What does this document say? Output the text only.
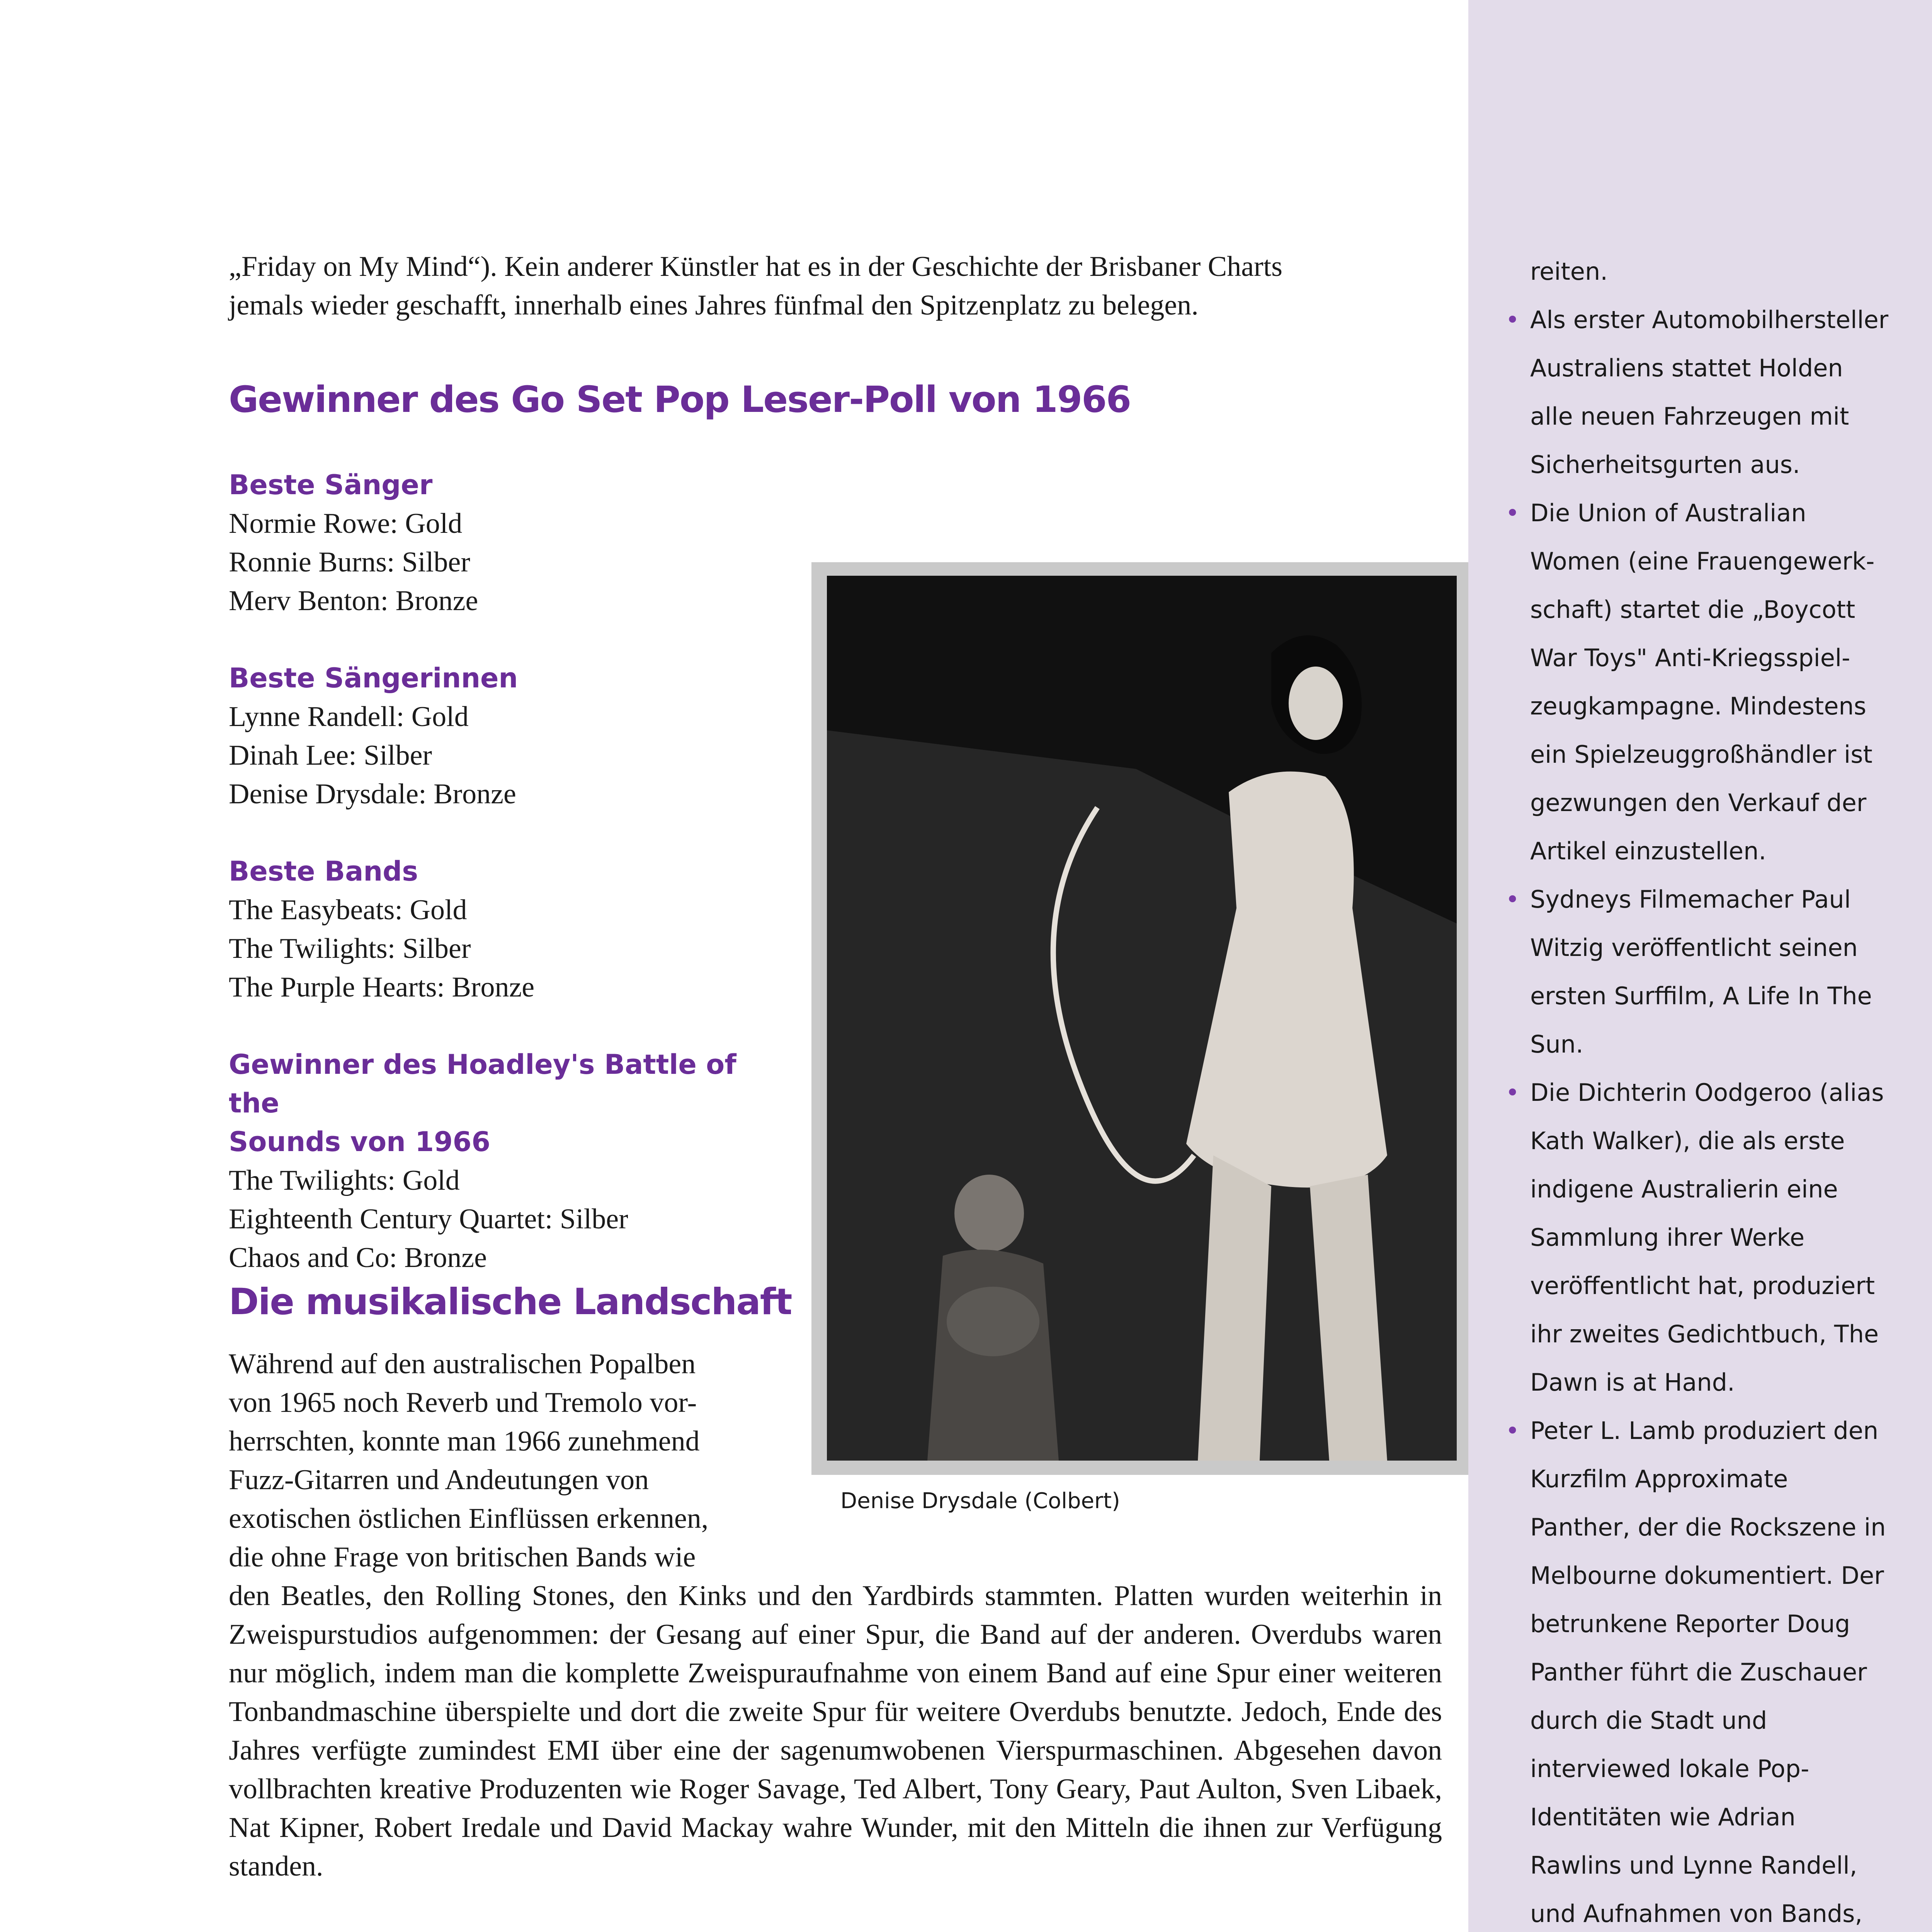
„Friday on My Mind“). Kein anderer Künstler hat es in der Geschichte der Brisbaner Charts

jemals wieder geschafft, innerhalb eines Jahres fünfmal den Spitzenplatz zu belegen.

Gewinner des Go Set Pop Leser-Poll von 1966
Beste Sänger

Normie Rowe: Gold

Ronnie Burns: Silber

Merv Benton: Bronze

Beste Sängerinnen

Lynne Randell: Gold

Dinah Lee: Silber

Denise Drysdale: Bronze

Beste Bands

The Easybeats: Gold

The Twilights: Silber

The Purple Hearts: Bronze

Gewinner des Hoadley's Battle of the
Sounds von 1966

The Twilights: Gold

Eighteenth Century Quartet: Silber

Chaos and Co: Bronze

Denise Drysdale (Colbert)
Die musikalische Landschaft

Während auf den australischen Popalben

von 1965 noch Reverb und Tremolo vor-

herrschten, konnte man 1966 zunehmend

Fuzz-Gitarren und Andeutungen von

exotischen östlichen Einflüssen erkennen,

die ohne Frage von britischen Bands wie

den Beatles, den Rolling Stones, den Kinks und den Yardbirds stammten. Platten wurden weiterhin in Zweispurstudios aufgenommen: der Gesang auf einer Spur, die Band auf der anderen. Overdubs waren nur möglich, indem man die komplette Zweispuraufnahme von einem Band auf eine Spur einer weiteren Tonbandmaschine überspielte und dort die zweite Spur für weitere Overdubs benutzte. Jedoch, Ende des Jahres verfügte zumindest EMI über eine der sagenumwobenen Vierspurmaschinen. Abgesehen davon vollbrachten kreative Produzenten wie Roger Savage, Ted Albert, Tony Geary, Paut Aulton, Sven Libaek, Nat Kipner, Robert Iredale und David Mackay wahre Wunder, mit den Mitteln die ihnen zur Verfügung standen.

reiten.

• Als erster Automobilhersteller Australiens stattet Holden alle neuen Fahrzeugen mit Sicherheitsgurten aus.
• Die Union of Australian Women (eine Frauengewerk- schaft) startet die „Boycott War Toys" Anti-Kriegsspiel- zeugkampagne. Mindestens ein Spielzeuggroßhändler ist gezwungen den Verkauf der Artikel einzustellen.
• Sydneys Filmemacher Paul Witzig veröffentlicht seinen ersten Surffilm, A Life In The Sun.
• Die Dichterin Oodgeroo (alias Kath Walker), die als erste indigene Australierin eine Sammlung ihrer Werke veröffentlicht hat, produziert ihr zweites Gedichtbuch, The Dawn is at Hand.
• Peter L. Lamb produziert den Kurzfilm Approximate Panther, der die Rockszene in Melbourne dokumentiert. Der betrunkene Reporter Doug Panther führt die Zuschauer durch die Stadt und interviewed lokale Pop- Identitäten wie Adrian Rawlins und Lynne Randell, und Aufnahmen von Bands,
